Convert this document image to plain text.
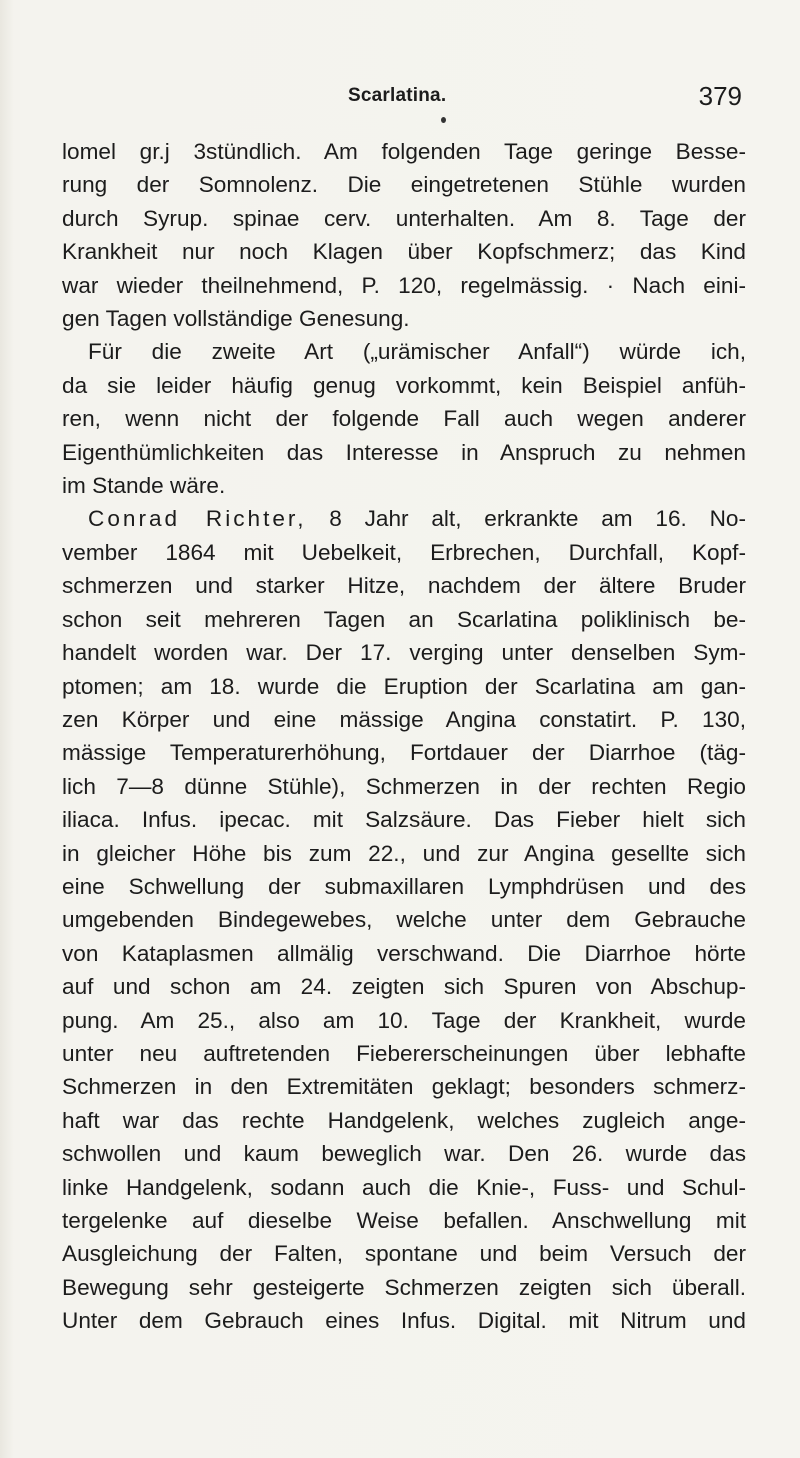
Scarlatina.	379
lomel gr.j 3stündlich. Am folgenden Tage geringe Besse-
rung der Somnolenz. Die eingetretenen Stühle wurden
durch Syrup. spinae cerv. unterhalten. Am 8. Tage der
Krankheit nur noch Klagen über Kopfschmerz; das Kind
war wieder theilnehmend, P. 120, regelmässig. · Nach eini-
gen Tagen vollständige Genesung.
Für die zweite Art („urämischer Anfall“) würde ich,
da sie leider häufig genug vorkommt, kein Beispiel anfüh-
ren, wenn nicht der folgende Fall auch wegen anderer
Eigenthümlichkeiten das Interesse in Anspruch zu nehmen
im Stande wäre.
Conrad Richter, 8 Jahr alt, erkrankte am 16. No-
vember 1864 mit Uebelkeit, Erbrechen, Durchfall, Kopf-
schmerzen und starker Hitze, nachdem der ältere Bruder
schon seit mehreren Tagen an Scarlatina poliklinisch be-
handelt worden war. Der 17. verging unter denselben Sym-
ptomen; am 18. wurde die Eruption der Scarlatina am gan-
zen Körper und eine mässige Angina constatirt. P. 130,
mässige Temperaturerhöhung, Fortdauer der Diarrhoe (täg-
lich 7—8 dünne Stühle), Schmerzen in der rechten Regio
iliaca. Infus. ipecac. mit Salzsäure. Das Fieber hielt sich
in gleicher Höhe bis zum 22., und zur Angina gesellte sich
eine Schwellung der submaxillaren Lymphdrüsen und des
umgebenden Bindegewebes, welche unter dem Gebrauche
von Kataplasmen allmälig verschwand. Die Diarrhoe hörte
auf und schon am 24. zeigten sich Spuren von Abschup-
pung. Am 25., also am 10. Tage der Krankheit, wurde
unter neu auftretenden Fiebererscheinungen über lebhafte
Schmerzen in den Extremitäten geklagt; besonders schmerz-
haft war das rechte Handgelenk, welches zugleich ange-
schwollen und kaum beweglich war. Den 26. wurde das
linke Handgelenk, sodann auch die Knie-, Fuss- und Schul-
tergelenke auf dieselbe Weise befallen. Anschwellung mit
Ausgleichung der Falten, spontane und beim Versuch der
Bewegung sehr gesteigerte Schmerzen zeigten sich überall.
Unter dem Gebrauch eines Infus. Digital. mit Nitrum und
